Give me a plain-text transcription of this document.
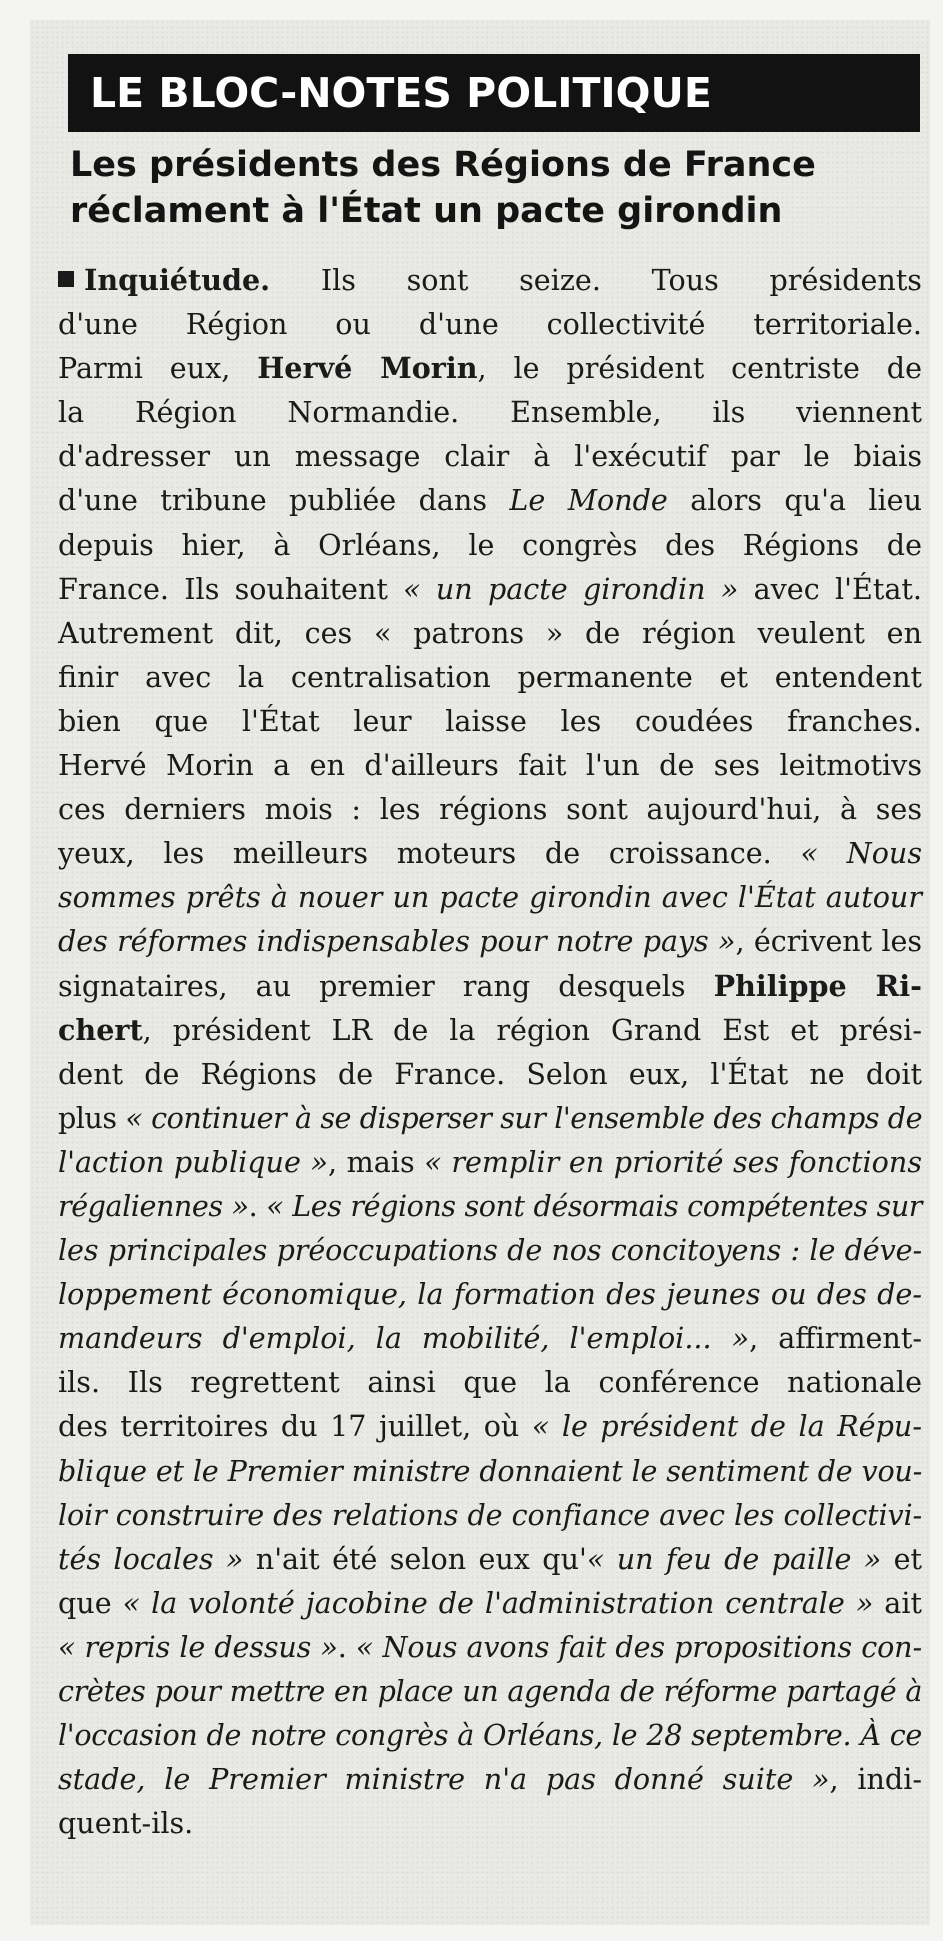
LE BLOC-NOTES POLITIQUE
Les présidents des Régions de France
réclament à l'État un pacte girondin
Inquiétude. Ils sont seize. Tous présidents
d'une Région ou d'une collectivité territoriale.
Parmi eux, Hervé Morin, le président centriste de
la Région Normandie. Ensemble, ils viennent
d'adresser un message clair à l'exécutif par le biais
d'une tribune publiée dans Le Monde alors qu'a lieu
depuis hier, à Orléans, le congrès des Régions de
France. Ils souhaitent « un pacte girondin » avec l'État.
Autrement dit, ces « patrons » de région veulent en
finir avec la centralisation permanente et entendent
bien que l'État leur laisse les coudées franches.
Hervé Morin a en d'ailleurs fait l'un de ses leitmotivs
ces derniers mois : les régions sont aujourd'hui, à ses
yeux, les meilleurs moteurs de croissance. « Nous
sommes prêts à nouer un pacte girondin avec l'État autour
des réformes indispensables pour notre pays », écrivent les
signataires, au premier rang desquels Philippe Ri-
chert, président LR de la région Grand Est et prési-
dent de Régions de France. Selon eux, l'État ne doit
plus « continuer à se disperser sur l'ensemble des champs de
l'action publique », mais « remplir en priorité ses fonctions
régaliennes ». « Les régions sont désormais compétentes sur
les principales préoccupations de nos concitoyens : le déve-
loppement économique, la formation des jeunes ou des de-
mandeurs d'emploi, la mobilité, l'emploi... », affirment-
ils. Ils regrettent ainsi que la conférence nationale
des territoires du 17 juillet, où « le président de la Répu-
blique et le Premier ministre donnaient le sentiment de vou-
loir construire des relations de confiance avec les collectivi-
tés locales » n'ait été selon eux qu'« un feu de paille » et
que « la volonté jacobine de l'administration centrale » ait
« repris le dessus ». « Nous avons fait des propositions con-
crètes pour mettre en place un agenda de réforme partagé à
l'occasion de notre congrès à Orléans, le 28 septembre. À ce
stade, le Premier ministre n'a pas donné suite », indi-
quent-ils.
